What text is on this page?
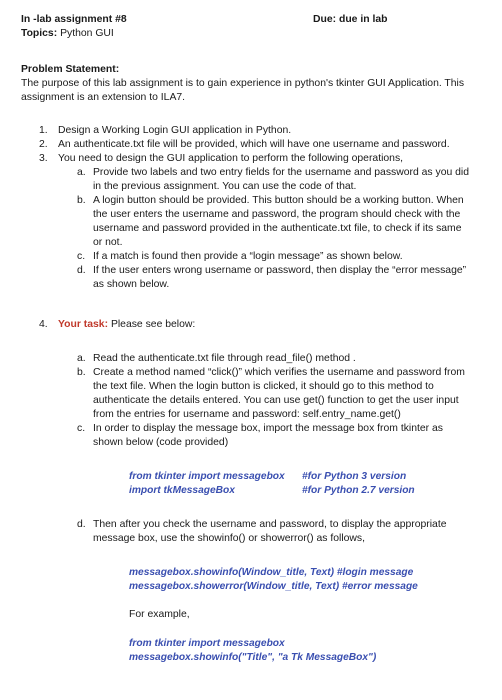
In -lab assignment #8	Due: due in lab
Topics: Python GUI
Problem Statement:
The purpose of this lab assignment is to gain experience in python's tkinter GUI Application. This
assignment is an extension to ILA7.
1. Design a Working Login GUI application in Python.
2. An authenticate.txt file will be provided, which will have one username and password.
3. You need to design the GUI application to perform the following operations,
a. Provide two labels and two entry fields for the username and password as you did
in the previous assignment. You can use the code of that.
b. A login button should be provided. This button should be a working button. When
the user enters the username and password, the program should check with the
username and password provided in the authenticate.txt file, to check if its same
or not.
c. If a match is found then provide a “login message” as shown below.
d. If the user enters wrong username or password, then display the “error message”
as shown below.
4. Your task: Please see below:
a. Read the authenticate.txt file through read_file() method .
b. Create a method named “click()” which verifies the username and password from
the text file. When the login button is clicked, it should go to this method to
authenticate the details entered. You can use get() function to get the user input
from the entries for username and password: self.entry_name.get()
c. In order to display the message box, import the message box from tkinter as
shown below (code provided)
from tkinter import messagebox #for Python 3 version
import tkMessageBox	#for Python 2.7 version
d. Then after you check the username and password, to display the appropriate
message box, use the showinfo() or showerror() as follows,
messagebox.showinfo(Window_title, Text) #login message
messagebox.showerror(Window_title, Text) #error message
For example,
from tkinter import messagebox
messagebox.showinfo("Title", "a Tk MessageBox")
